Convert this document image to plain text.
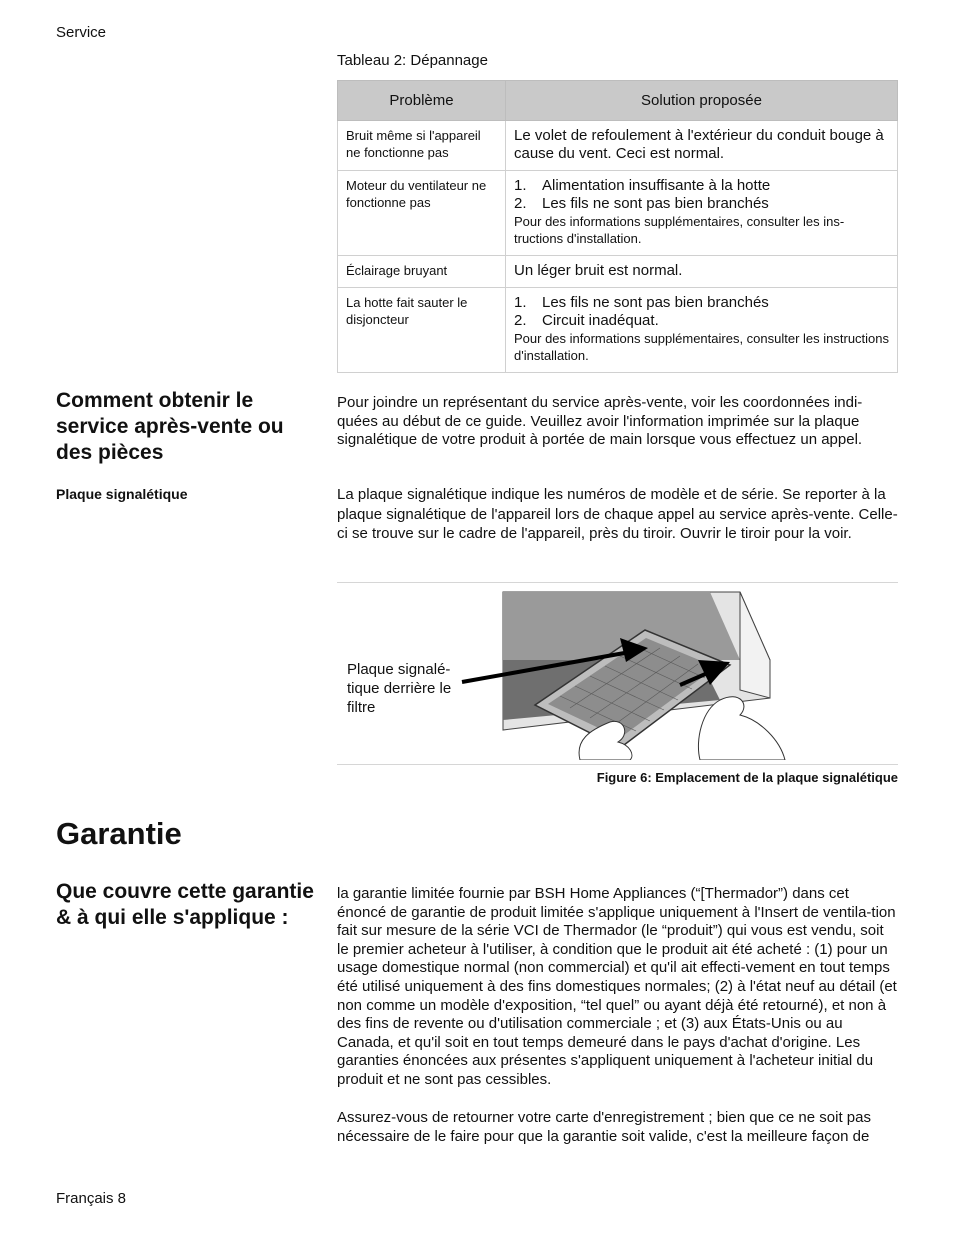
Service
Tableau 2: Dépannage
Problème	Solution proposée
Bruit même si l'appareil ne fonctionne pas	Le volet de refoulement à l'extérieur du conduit bouge à cause du vent. Ceci est normal.
Moteur du ventilateur ne fonctionne pas	1. Alimentation insuffisante à la hotte
2. Les fils ne sont pas bien branchés
Pour des informations supplémentaires, consulter les ins-tructions d'installation.

Éclairage bruyant	Un léger bruit est normal.
La hotte fait sauter le disjoncteur	1. Les fils ne sont pas bien branchés
2. Circuit inadéquat.
Pour des informations supplémentaires, consulter les instructions d'installation.
Comment obtenir le service après-vente ou des pièces
Pour joindre un représentant du service après-vente, voir les coordonnées indi-quées au début de ce guide. Veuillez avoir l'information imprimée sur la plaque signalétique de votre produit à portée de main lorsque vous effectuez un appel.
Plaque signalétique	La plaque signalétique indique les numéros de modèle et de série. Se reporter à la plaque signalétique de l'appareil lors de chaque appel au service après-vente. Celle-ci se trouve sur le cadre de l'appareil, près du tiroir. Ouvrir le tiroir pour la voir.
Plaque signalé-tique derrière le filtre
Figure 6: Emplacement de la plaque signalétique
Garantie
Que couvre cette garantie & à qui elle s'applique :
la garantie limitée fournie par BSH Home Appliances (“[Thermador”) dans cet énoncé de garantie de produit limitée s'applique uniquement à l'Insert de ventila-tion fait sur mesure de la série VCI de Thermador (le “produit”) qui vous est vendu, soit le premier acheteur à l'utiliser, à condition que le produit ait été acheté : (1) pour un usage domestique normal (non commercial) et qu'il ait effecti-vement en tout temps été utilisé uniquement à des fins domestiques normales; (2) à l'état neuf au détail (et non comme un modèle d'exposition, “tel quel” ou ayant déjà été retourné), et non à des fins de revente ou d'utilisation commerciale ; et (3) aux États-Unis ou au Canada, et qu'il soit en tout temps demeuré dans le pays d'achat d'origine. Les garanties énoncées aux présentes s'appliquent uniquement à l'acheteur initial du produit et ne sont pas cessibles.
Assurez-vous de retourner votre carte d'enregistrement ; bien que ce ne soit pas nécessaire de le faire pour que la garantie soit valide, c'est la meilleure façon de
Français 8
